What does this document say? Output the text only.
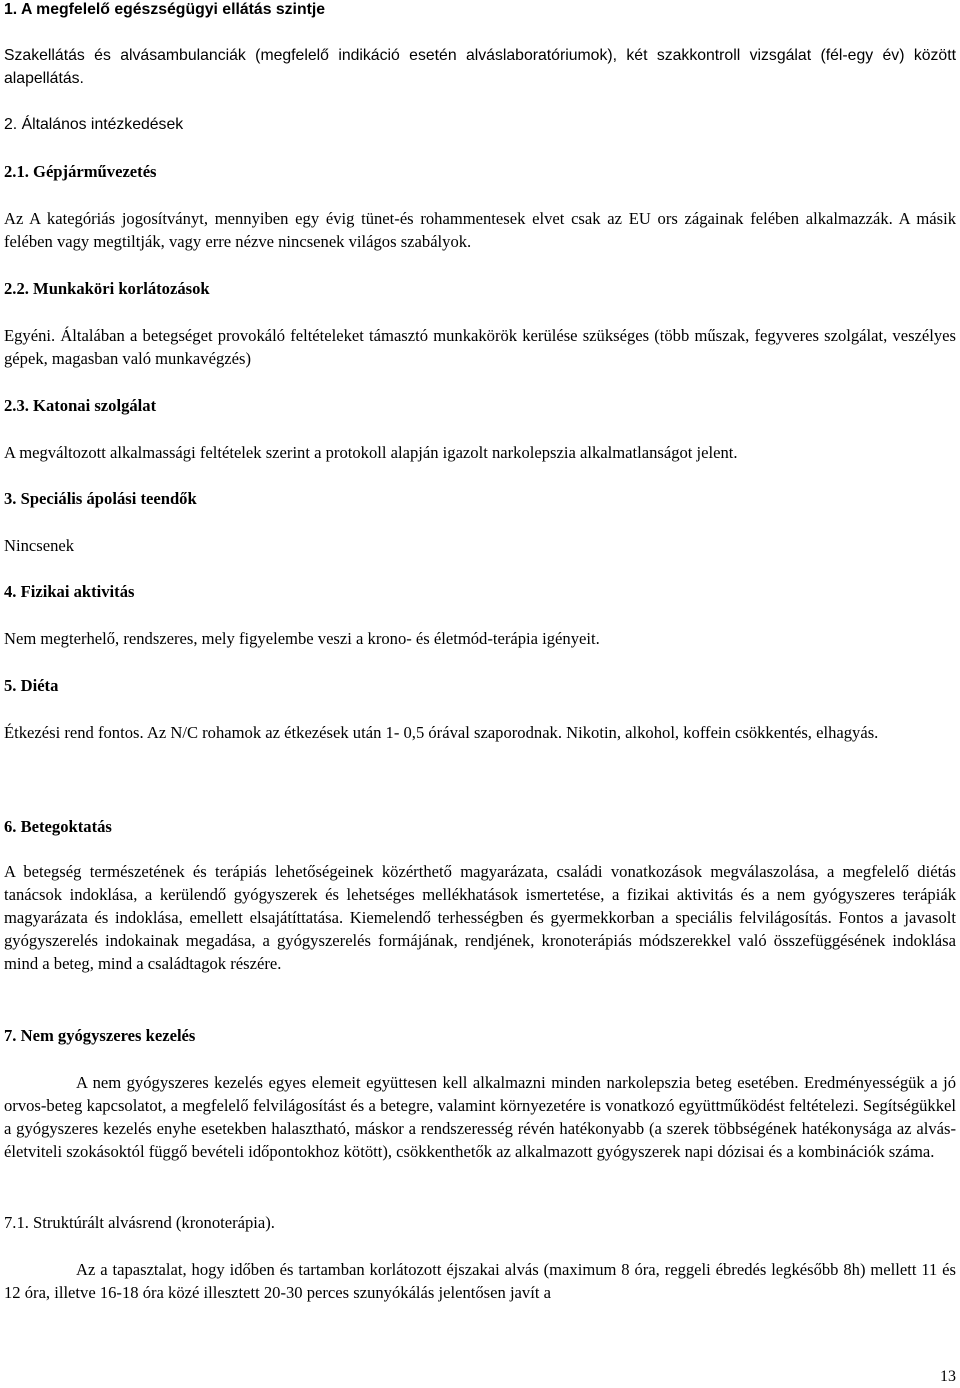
1. A megfelelő egészségügyi ellátás szintje

Szakellátás és alvásambulanciák (megfelelő indikáció esetén alváslaboratóriumok), két szakkontroll vizsgálat (fél-egy év) között alapellátás.

2. Általános intézkedések

2.1. Gépjárművezetés

Az A kategóriás jogosítványt, mennyiben egy évig tünet-és rohammentesek elvet csak az EU ors zágainak felében alkalmazzák. A másik felében vagy megtiltják, vagy erre nézve nincsenek világos szabályok.

2.2. Munkaköri korlátozások

Egyéni. Általában a betegséget provokáló feltételeket támasztó munkakörök kerülése szükséges (több műszak, fegyveres szolgálat, veszélyes gépek, magasban való munkavégzés)

2.3. Katonai szolgálat

A megváltozott alkalmassági feltételek szerint a protokoll alapján igazolt narkolepszia alkalmatlanságot jelent.

3. Speciális ápolási teendők

Nincsenek

4. Fizikai aktivitás

Nem megterhelő, rendszeres, mely figyelembe veszi a krono- és életmód-terápia igényeit.

5. Diéta

Étkezési rend fontos. Az N/C rohamok az étkezések után 1- 0,5 órával szaporodnak. Nikotin, alkohol, koffein csökkentés, elhagyás.

6. Betegoktatás

A betegség természetének és terápiás lehetőségeinek közérthető magyarázata, családi vonatkozások megválaszolása, a megfelelő diétás tanácsok indoklása, a kerülendő gyógyszerek és lehetséges mellékhatások ismertetése, a fizikai aktivitás és a nem gyógyszeres terápiák magyarázata és indoklása, emellett elsajátíttatása. Kiemelendő terhességben és gyermekkorban a speciális felvilágosítás. Fontos a javasolt gyógyszerelés indokainak megadása, a gyógyszerelés formájának, rendjének, kronoterápiás módszerekkel való összefüggésének indoklása mind a beteg, mind a családtagok részére.

7. Nem gyógyszeres kezelés

A nem gyógyszeres kezelés egyes elemeit együttesen kell alkalmazni minden narkolepszia beteg esetében. Eredményességük a jó orvos-beteg kapcsolatot, a megfelelő felvilágosítást és a betegre, valamint környezetére is vonatkozó együttműködést feltételezi. Segítségükkel a gyógyszeres kezelés enyhe esetekben halasztható, máskor a rendszeresség révén hatékonyabb (a szerek többségének hatékonysága az alvás-életviteli szokásoktól függő bevételi időpontokhoz kötött), csökkenthetők az alkalmazott gyógyszerek napi dózisai és a kombinációk száma.

7.1. Struktúrált alvásrend (kronoterápia).

Az a tapasztalat, hogy időben és tartamban korlátozott éjszakai alvás (maximum 8 óra, reggeli ébredés legkésőbb 8h) mellett 11 és 12 óra, illetve 16-18 óra közé illesztett 20-30 perces szunyókálás jelentősen javít a

13
